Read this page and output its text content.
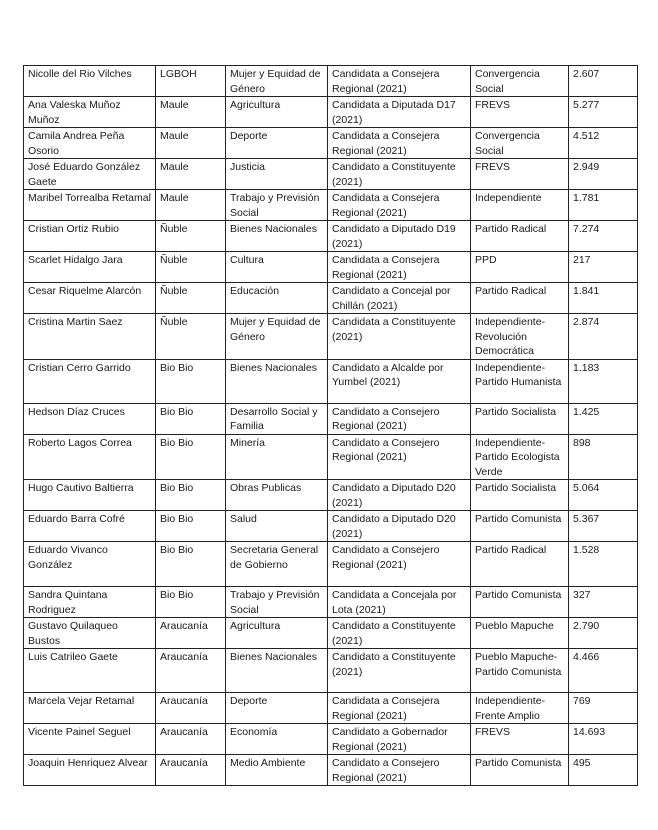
Nicolle del Rio Vilches	LGBOH	Mujer y Equidad de Género	Candidata a Consejera Regional (2021)	Convergencia Social	2.607
Ana Valeska Muñoz Muñoz	Maule	Agricultura	Candidata a Diputada D17 (2021)	FREVS	5.277
Camila Andrea Peña Osorio	Maule	Deporte	Candidata a Consejera Regional (2021)	Convergencia Social	4.512
José Eduardo González Gaete	Maule	Justicia	Candidato a Constituyente (2021)	FREVS	2.949
Maribel Torrealba Retamal	Maule	Trabajo y Previsión Social	Candidata a Consejera Regional (2021)	Independiente	1.781
Cristian Ortiz Rubio	Ñuble	Bienes Nacionales	Candidato a Diputado D19 (2021)	Partido Radical	7.274
Scarlet Hidalgo Jara	Ñuble	Cultura	Candidata a Consejera Regional (2021)	PPD	217
Cesar Riquelme Alarcón	Ñuble	Educación	Candidato a Concejal por Chillán (2021)	Partido Radical	1.841
Cristina Martin Saez	Ñuble	Mujer y Equidad de Género	Candidata a Constituyente (2021)	Independiente-Revolución Democrática	2.874
Cristian Cerro Garrido	Bio Bio	Bienes Nacionales	Candidato a Alcalde por Yumbel (2021)	Independiente-Partido Humanista	1.183
Hedson Díaz Cruces	Bio Bio	Desarrollo Social y Familia	Candidato a Consejero Regional (2021)	Partido Socialista	1.425
Roberto Lagos Correa	Bio Bio	Minería	Candidato a Consejero Regional (2021)	Independiente-Partido Ecologista Verde	898
Hugo Cautivo Baltierra	Bio Bio	Obras Publicas	Candidato a Diputado D20 (2021)	Partido Socialista	5.064
Eduardo Barra Cofré	Bio Bio	Salud	Candidato a Diputado D20 (2021)	Partido Comunista	5.367
Eduardo Vivanco González	Bio Bio	Secretaria General de Gobierno	Candidato a Consejero Regional (2021)	Partido Radical	1.528
Sandra Quintana Rodriguez	Bio Bio	Trabajo y Previsión Social	Candidata a Concejala por Lota (2021)	Partido Comunista	327
Gustavo Quilaqueo Bustos	Araucanía	Agricultura	Candidato a Constituyente (2021)	Pueblo Mapuche	2.790
Luis Catrileo Gaete	Araucanía	Bienes Nacionales	Candidato a Constituyente (2021)	Pueblo Mapuche-Partido Comunista	4.466
Marcela Vejar Retamal	Araucanía	Deporte	Candidata a Consejera Regional (2021)	Independiente-Frente Amplio	769
Vicente Painel Seguel	Araucanía	Economía	Candidato a Gobernador Regional (2021)	FREVS	14.693
Joaquin Henriquez Alvear	Araucanía	Medio Ambiente	Candidato a Consejero Regional (2021)	Partido Comunista	495
